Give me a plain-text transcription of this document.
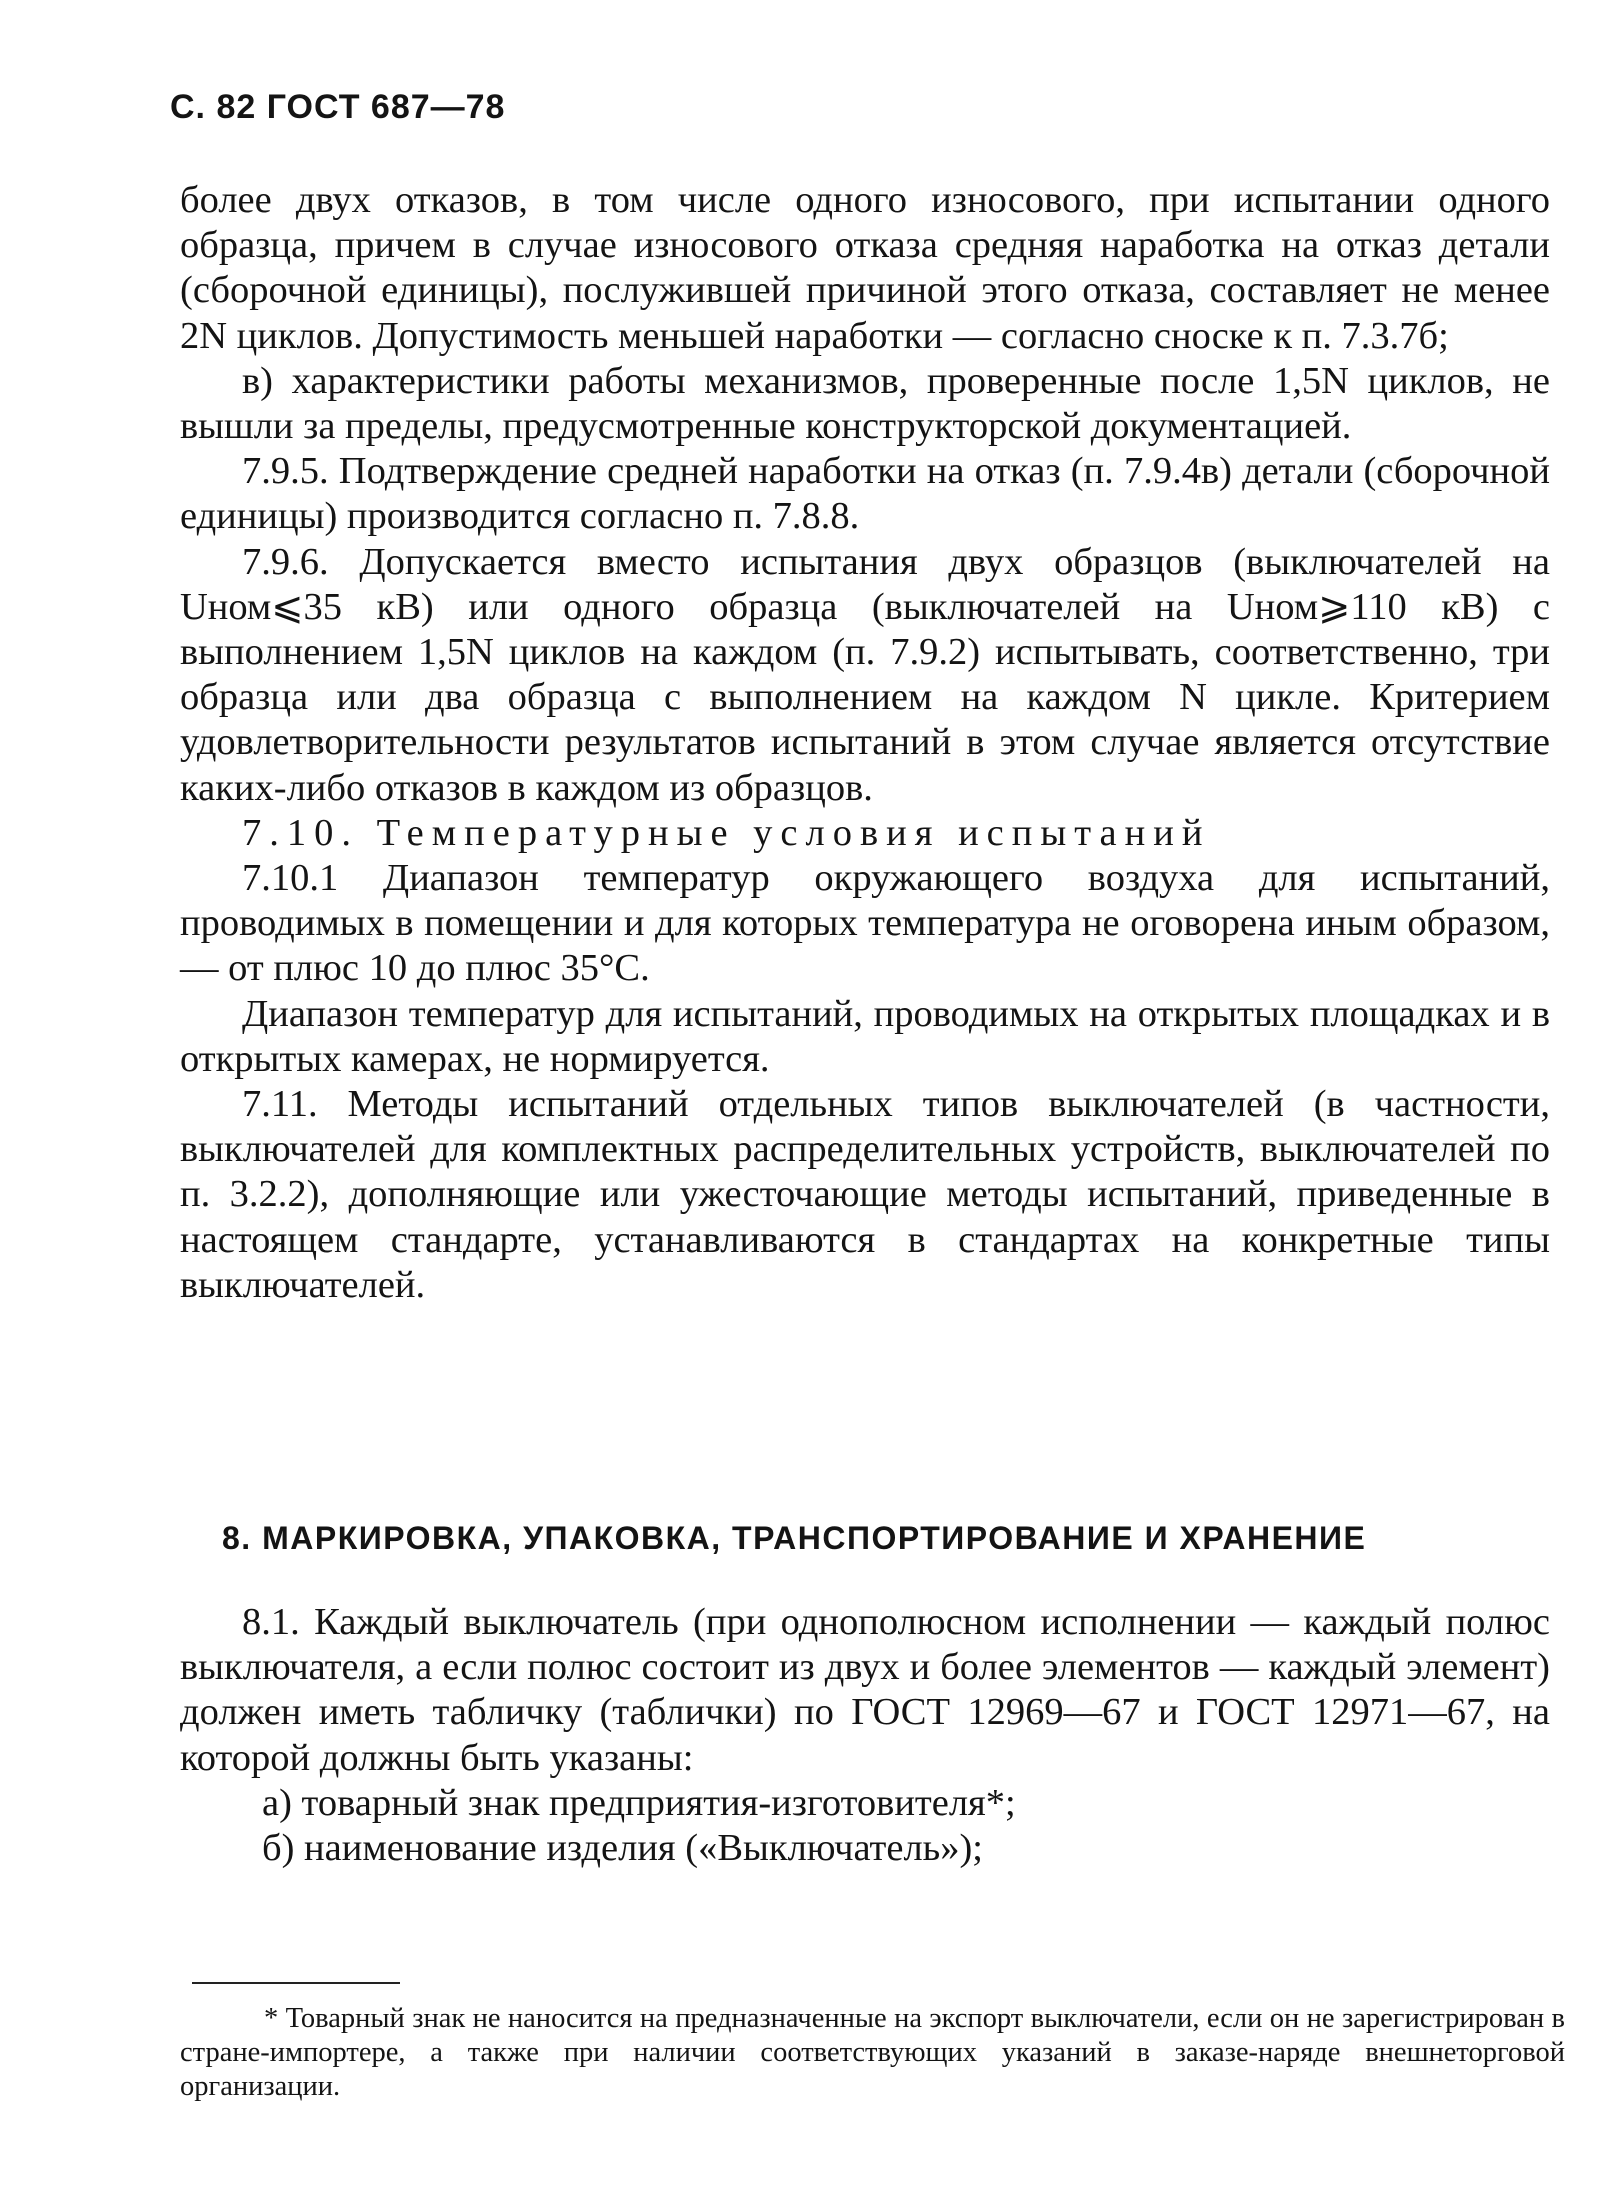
С. 82 ГОСТ 687—78

более двух отказов, в том числе одного износового, при испытании одного образца, причем в случае износового отказа средняя наработка на отказ детали (сборочной единицы), послужившей причиной этого отказа, составляет не менее 2N циклов. Допустимость меньшей наработки — согласно сноске к п. 7.3.7б;

в) характеристики работы механизмов, проверенные после 1,5N циклов, не вышли за пределы, предусмотренные конструкторской документацией.

7.9.5. Подтверждение средней наработки на отказ (п. 7.9.4в) детали (сборочной единицы) производится согласно п. 7.8.8.

7.9.6. Допускается вместо испытания двух образцов (выключателей на Uном⩽35 кВ) или одного образца (выключателей на Uном⩾110 кВ) с выполнением 1,5N циклов на каждом (п. 7.9.2) испытывать, соответственно, три образца или два образца с выполнением на каждом N цикле. Критерием удовлетворительности результатов испытаний в этом случае является отсутствие каких-либо отказов в каждом из образцов.

7.10. Температурные условия испытаний

7.10.1 Диапазон температур окружающего воздуха для испытаний, проводимых в помещении и для которых температура не оговорена иным образом, — от плюс 10 до плюс 35°С.

Диапазон температур для испытаний, проводимых на открытых площадках и в открытых камерах, не нормируется.

7.11. Методы испытаний отдельных типов выключателей (в частности, выключателей для комплектных распределительных устройств, выключателей по п. 3.2.2), дополняющие или ужесточающие методы испытаний, приведенные в настоящем стандарте, устанавливаются в стандартах на конкретные типы выключателей.

8. МАРКИРОВКА, УПАКОВКА, ТРАНСПОРТИРОВАНИЕ И ХРАНЕНИЕ

8.1. Каждый выключатель (при однополюсном исполнении — каждый полюс выключателя, а если полюс состоит из двух и более элементов — каждый элемент) должен иметь табличку (таблички) по ГОСТ 12969—67 и ГОСТ 12971—67, на которой должны быть указаны:

а) товарный знак предприятия-изготовителя*;

б) наименование изделия («Выключатель»);

* Товарный знак не наносится на предназначенные на экспорт выключатели, если он не зарегистрирован в стране-импортере, а также при наличии соответствующих указаний в заказе-наряде внешнеторговой организации.
